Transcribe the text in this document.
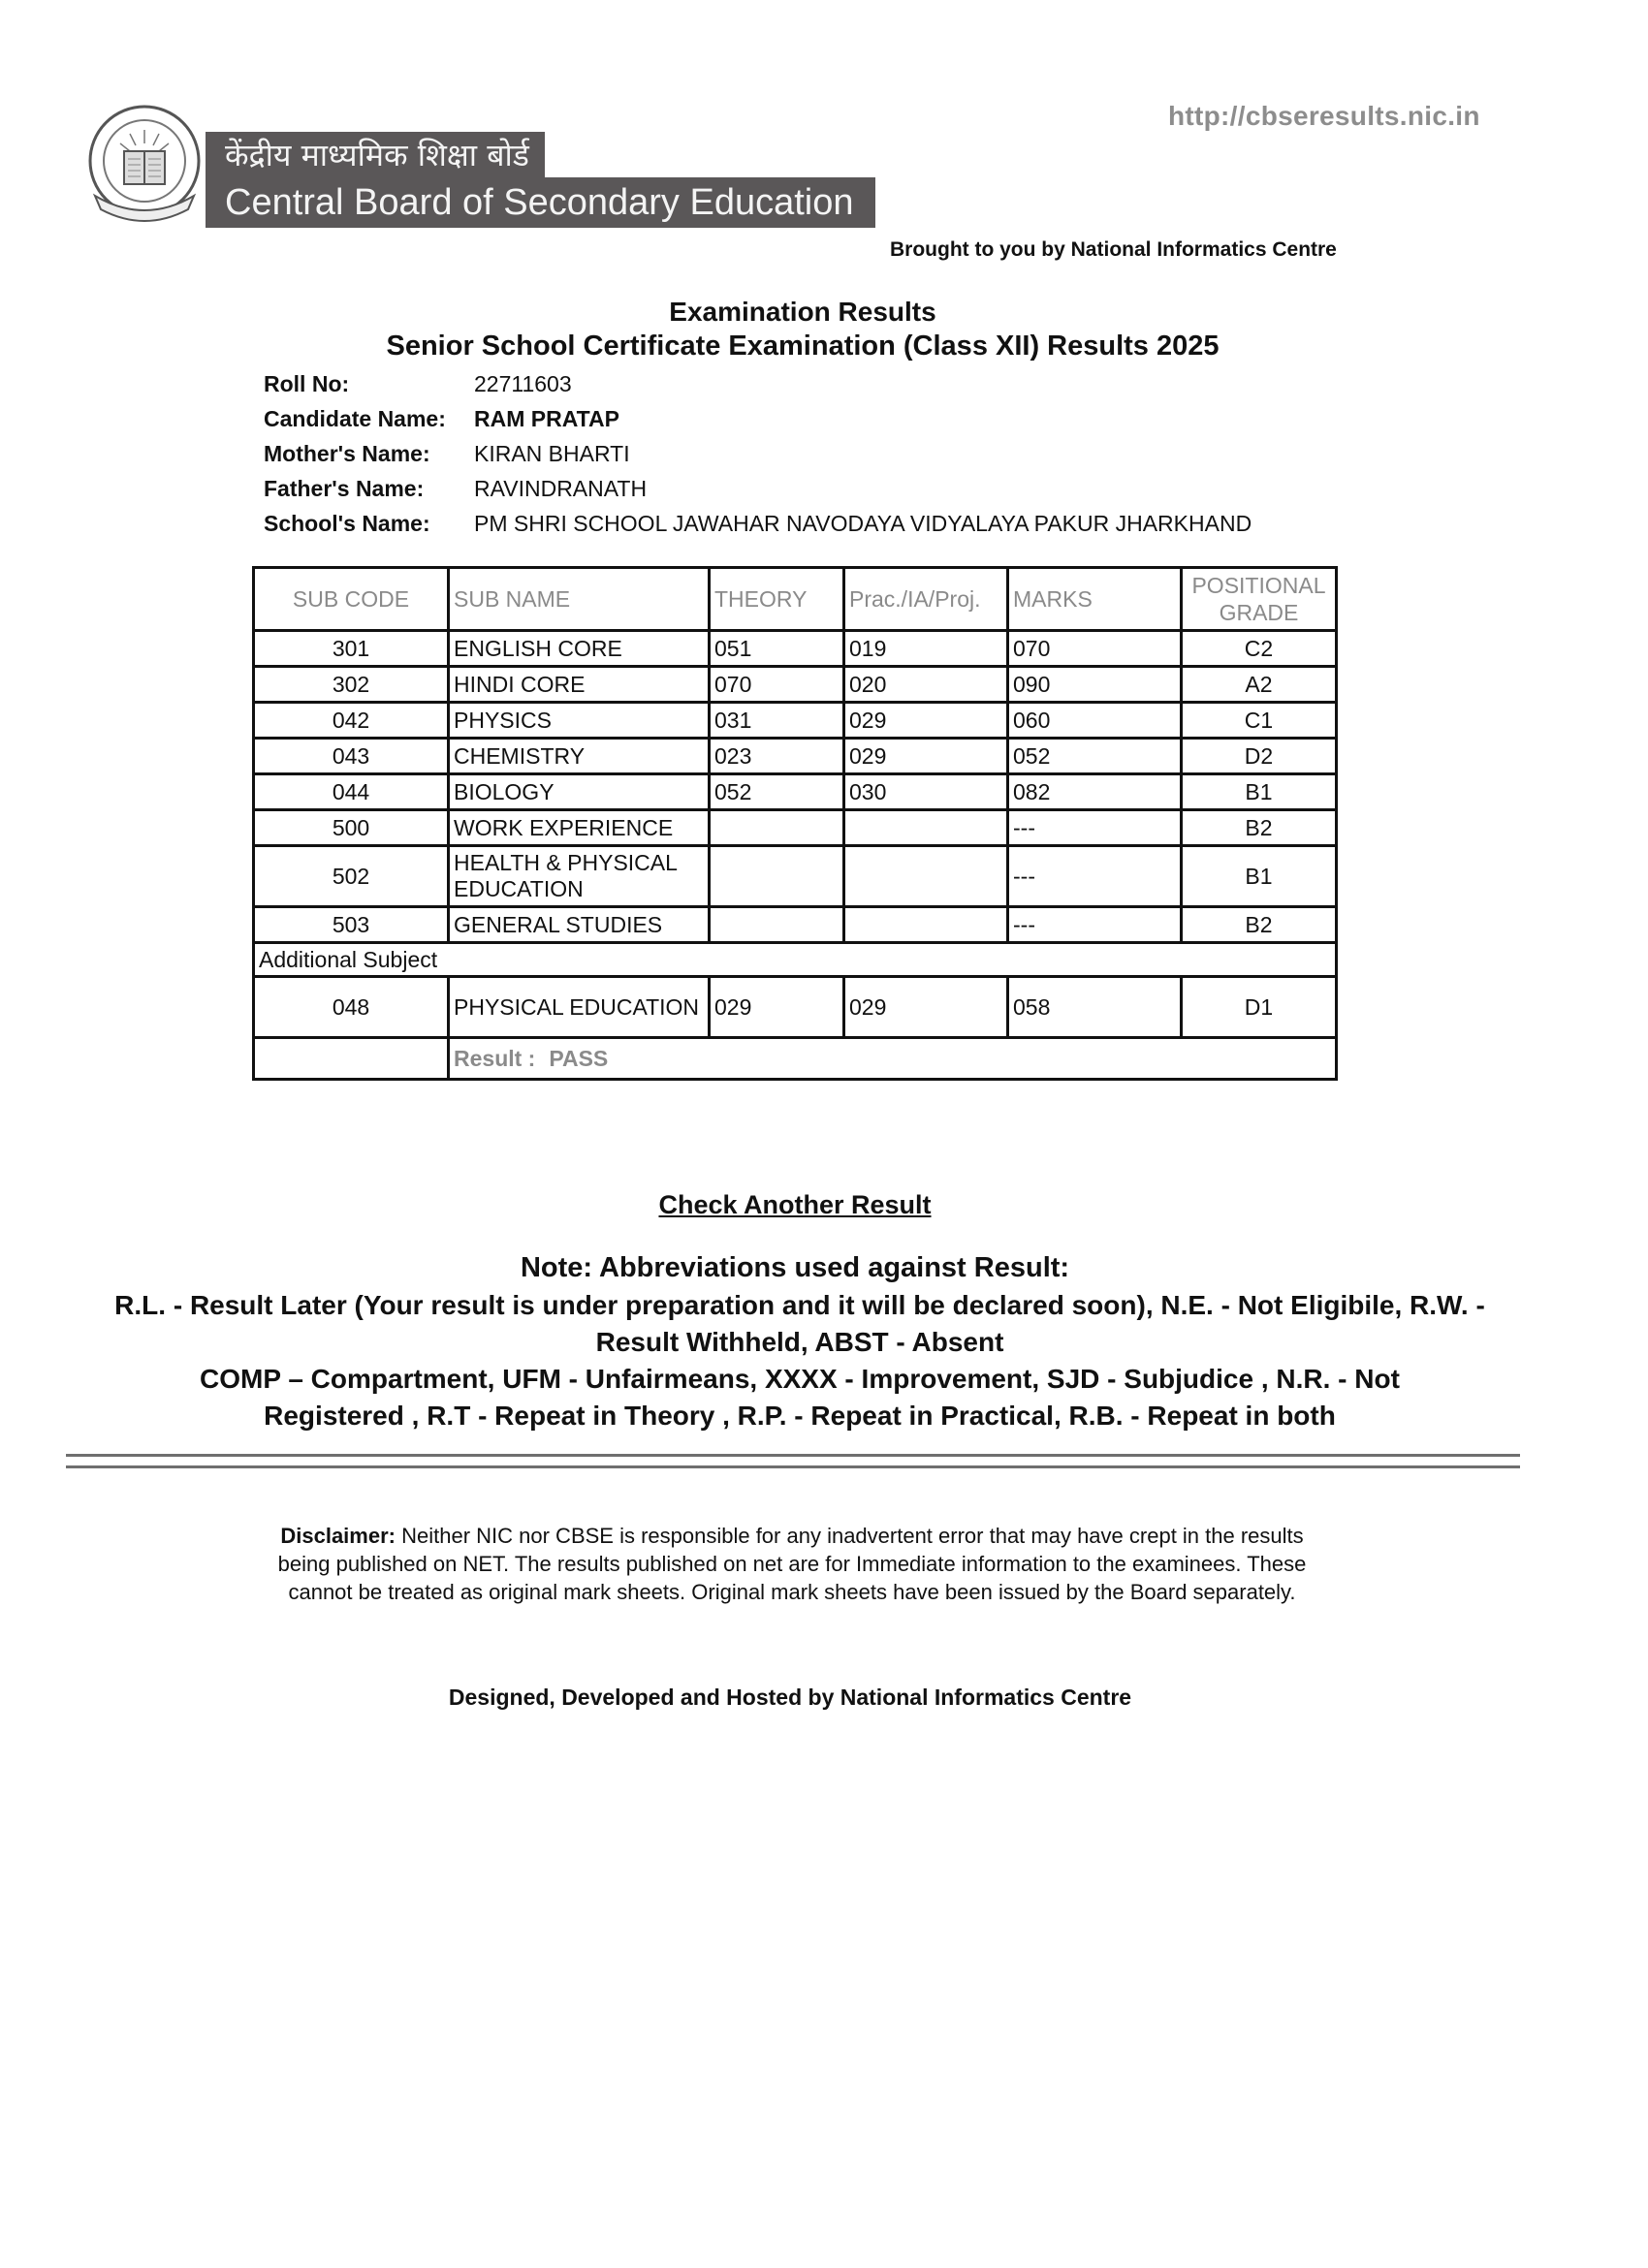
केंद्रीय माध्यमिक शिक्षा बोर्ड
Central Board of Secondary Education
http://cbseresults.nic.in
Brought to you by National Informatics Centre
Examination Results
Senior School Certificate Examination (Class XII) Results 2025
Roll No:	22711603
Candidate Name:	RAM PRATAP
Mother's Name:	KIRAN BHARTI
Father's Name:	RAVINDRANATH
School's Name:	PM SHRI SCHOOL JAWAHAR NAVODAYA VIDYALAYA PAKUR JHARKHAND
SUB CODE	SUB NAME	THEORY	Prac./IA/Proj.	MARKS	POSITIONAL
GRADE
301	ENGLISH CORE	051	019	070	C2
302	HINDI CORE	070	020	090	A2
042	PHYSICS	031	029	060	C1
043	CHEMISTRY	023	029	052	D2
044	BIOLOGY	052	030	082	B1
500	WORK EXPERIENCE			---	B2
502	HEALTH & PHYSICAL EDUCATION			---	B1
503	GENERAL STUDIES			---	B2
Additional Subject					
048	PHYSICAL EDUCATION	029	029	058	D1
	Result : PASS				
Check Another Result
Note: Abbreviations used against Result:
R.L. - Result Later (Your result is under preparation and it will be declared soon), N.E. - Not Eligibile, R.W. - Result Withheld, ABST - Absent
COMP – Compartment, UFM - Unfairmeans, XXXX - Improvement, SJD - Subjudice , N.R. - Not Registered , R.T - Repeat in Theory , R.P. - Repeat in Practical, R.B. - Repeat in both
Disclaimer: Neither NIC nor CBSE is responsible for any inadvertent error that may have crept in the results being published on NET. The results published on net are for Immediate information to the examinees. These cannot be treated as original mark sheets. Original mark sheets have been issued by the Board separately.
Designed, Developed and Hosted by National Informatics Centre
